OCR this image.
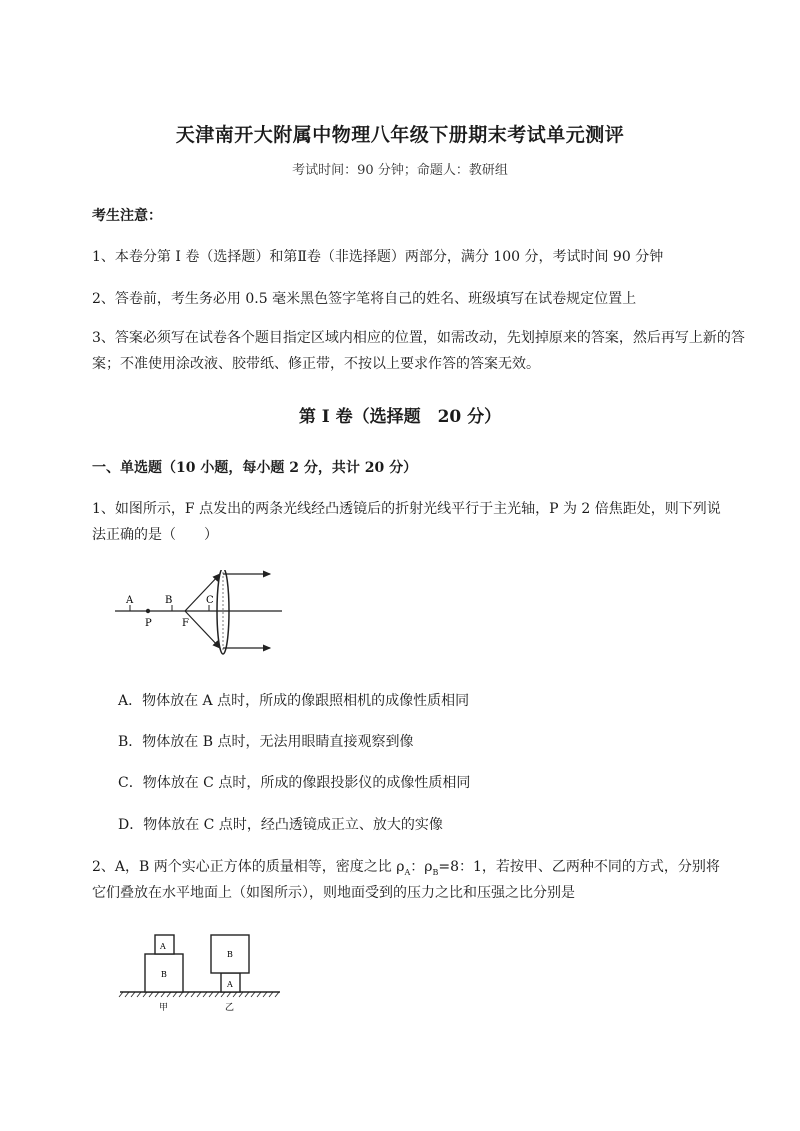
天津南开大附属中物理八年级下册期末考试单元测评
考试时间：90 分钟；命题人：教研组
考生注意：
1、本卷分第 I 卷（选择题）和第Ⅱ卷（非选择题）两部分，满分 100 分，考试时间 90 分钟
2、答卷前，考生务必用 0.5 毫米黑色签字笔将自己的姓名、班级填写在试卷规定位置上
3、答案必须写在试卷各个题目指定区域内相应的位置，如需改动，先划掉原来的答案，然后再写上新的答案；不准使用涂改液、胶带纸、修正带，不按以上要求作答的答案无效。
第 I 卷（选择题　20 分）
一、单选题（10 小题，每小题 2 分，共计 20 分）
1、如图所示，F 点发出的两条光线经凸透镜后的折射光线平行于主光轴，P 为 2 倍焦距处，则下列说
法正确的是（　　）
A	B	C
P	F
A．物体放在 A 点时，所成的像跟照相机的成像性质相同
B．物体放在 B 点时，无法用眼睛直接观察到像
C．物体放在 C 点时，所成的像跟投影仪的成像性质相同
D．物体放在 C 点时，经凸透镜成正立、放大的实像
2、A，B 两个实心正方体的质量相等，密度之比 $\rho_A$：$\rho_B=8$：1，若按甲、乙两种不同的方式，分别将
它们叠放在水平地面上（如图所示），则地面受到的压力之比和压强之比分别是
A
B
B
A
甲	乙
